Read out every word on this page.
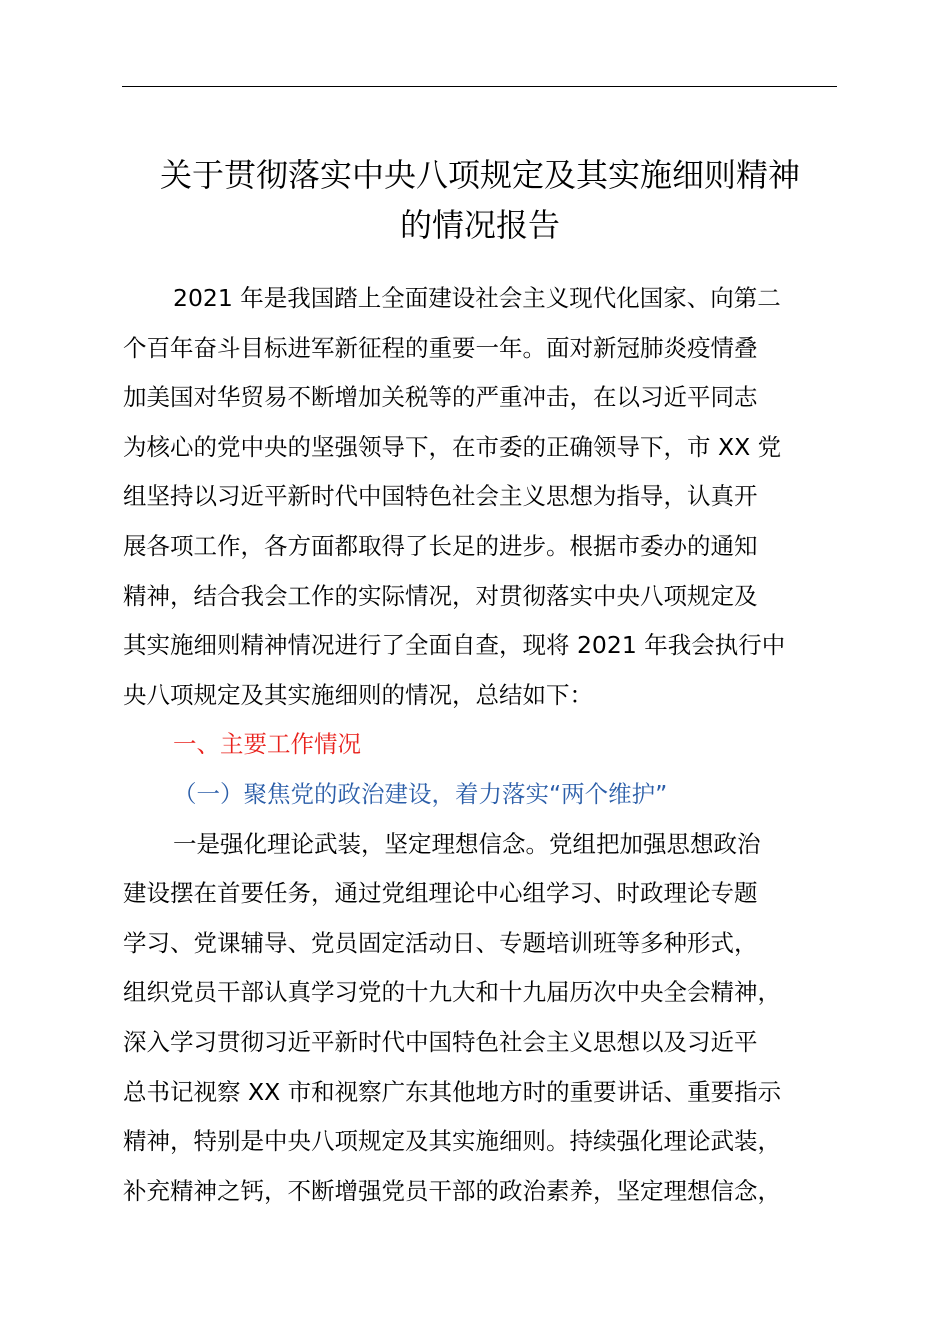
关于贯彻落实中央八项规定及其实施细则精神
的情况报告
2021 年是我国踏上全面建设社会主义现代化国家、向第二
个百年奋斗目标进军新征程的重要一年。面对新冠肺炎疫情叠
加美国对华贸易不断增加关税等的严重冲击，在以习近平同志
为核心的党中央的坚强领导下，在市委的正确领导下，市 XX 党
组坚持以习近平新时代中国特色社会主义思想为指导，认真开
展各项工作，各方面都取得了长足的进步。根据市委办的通知
精神，结合我会工作的实际情况，对贯彻落实中央八项规定及
其实施细则精神情况进行了全面自查，现将 2021 年我会执行中
央八项规定及其实施细则的情况，总结如下：
一、主要工作情况
（一）聚焦党的政治建设，着力落实“两个维护”
一是强化理论武装，坚定理想信念。党组把加强思想政治
建设摆在首要任务，通过党组理论中心组学习、时政理论专题
学习、党课辅导、党员固定活动日、专题培训班等多种形式，
组织党员干部认真学习党的十九大和十九届历次中央全会精神，
深入学习贯彻习近平新时代中国特色社会主义思想以及习近平
总书记视察 XX 市和视察广东其他地方时的重要讲话、重要指示
精神，特别是中央八项规定及其实施细则。持续强化理论武装，
补充精神之钙，不断增强党员干部的政治素养，坚定理想信念，
